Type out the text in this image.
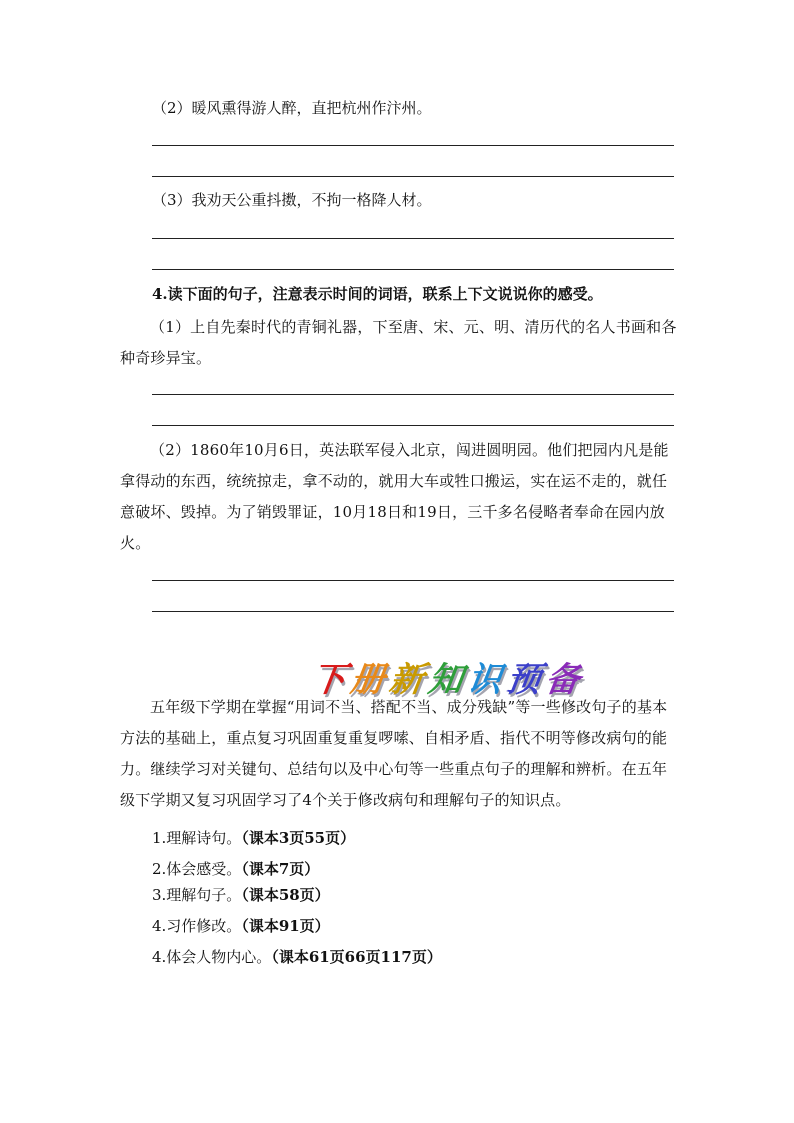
（2）暖风熏得游人醉，直把杭州作汴州。

（3）我劝天公重抖擞，不拘一格降人材。

4.读下面的句子，注意表示时间的词语，联系上下文说说你的感受。

（1）上自先秦时代的青铜礼器，下至唐、宋、元、明、清历代的名人书画和各种奇珍异宝。

（2）1860年10月6日，英法联军侵入北京，闯进圆明园。他们把园内凡是能拿得动的东西，统统掠走，拿不动的，就用大车或牲口搬运，实在运不走的，就任意破坏、毁掉。为了销毁罪证，10月18日和19日，三千多名侵略者奉命在园内放火。

下册新知识预备

五年级下学期在掌握“用词不当、搭配不当、成分残缺”等一些修改句子的基本方法的基础上，重点复习巩固重复重复啰嗦、自相矛盾、指代不明等修改病句的能力。继续学习对关键句、总结句以及中心句等一些重点句子的理解和辨析。在五年级下学期又复习巩固学习了4个关于修改病句和理解句子的知识点。

1.理解诗句。（课本3页55页）
2.体会感受。（课本7页）
3.理解句子。（课本58页）
4.习作修改。（课本91页）
4.体会人物内心。（课本61页66页117页）
